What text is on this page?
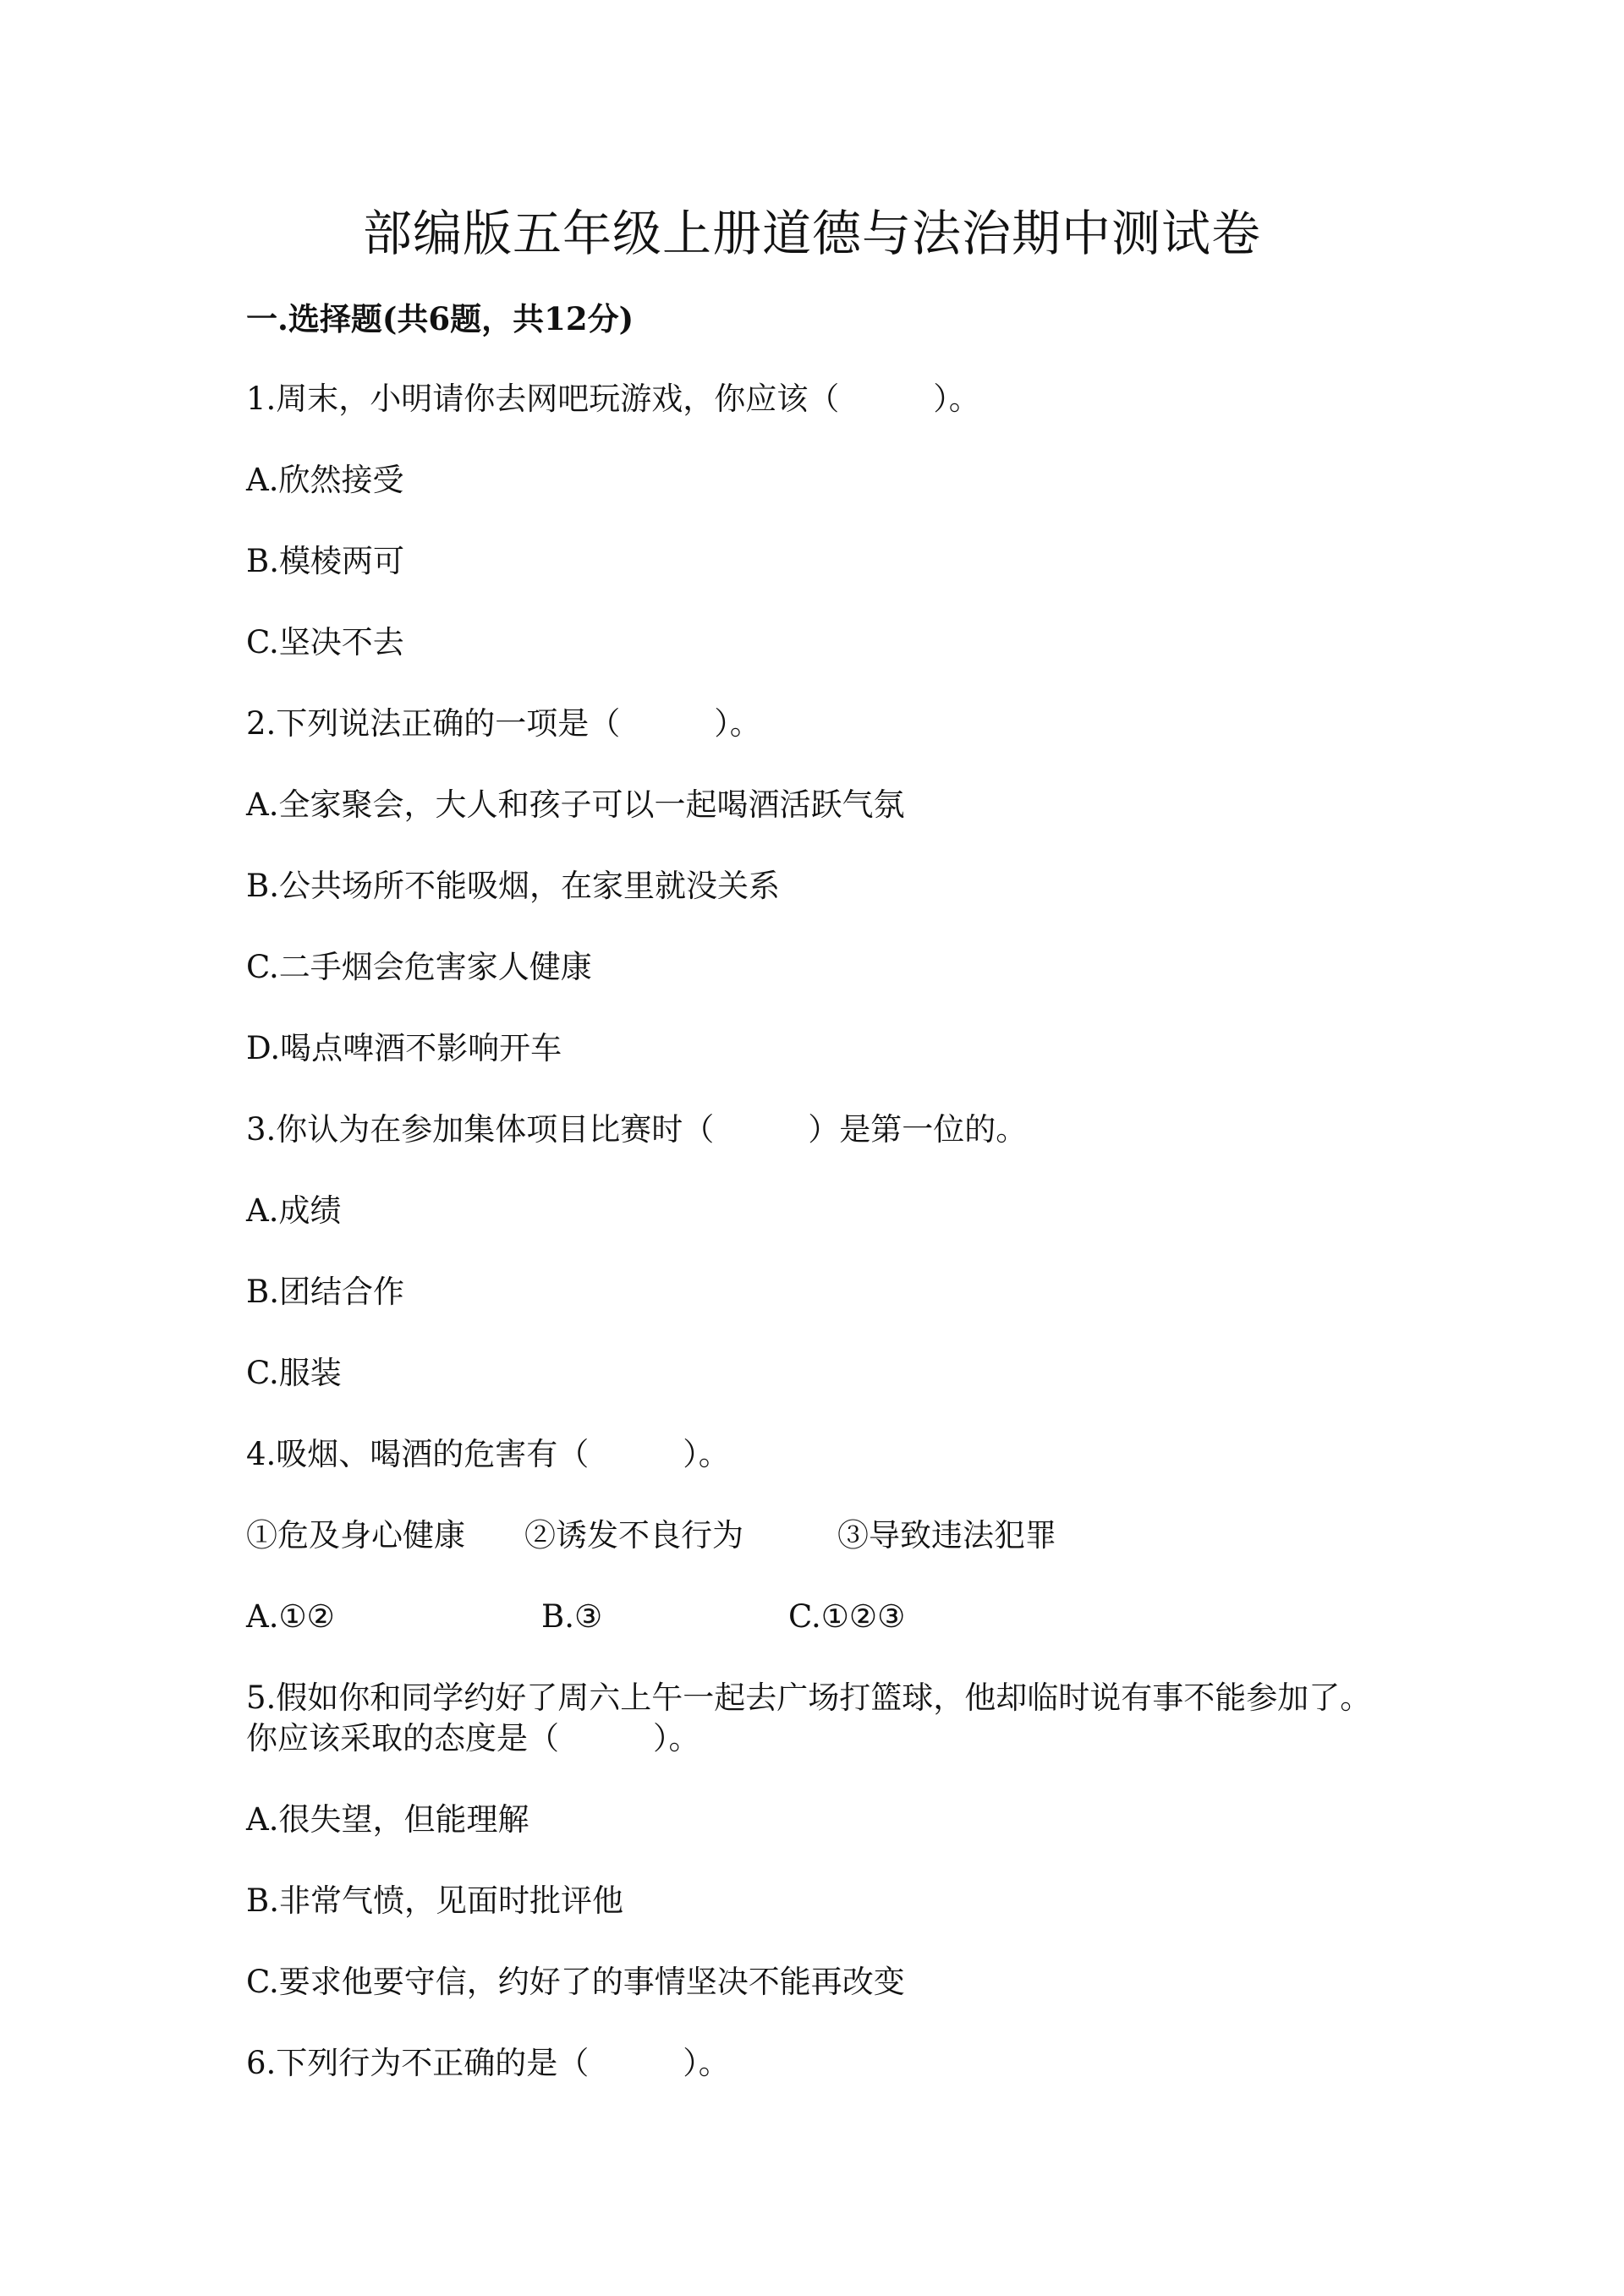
部编版五年级上册道德与法治期中测试卷
一.选择题(共6题，共12分)
1.周末，小明请你去网吧玩游戏，你应该（　　　）。
A.欣然接受
B.模棱两可
C.坚决不去
2.下列说法正确的一项是（　　　）。
A.全家聚会，大人和孩子可以一起喝酒活跃气氛
B.公共场所不能吸烟，在家里就没关系
C.二手烟会危害家人健康
D.喝点啤酒不影响开车
3.你认为在参加集体项目比赛时（　　　）是第一位的。
A.成绩
B.团结合作
C.服装
4.吸烟、喝酒的危害有（　　　）。
①危及身心健康 ②诱发不良行为	③导致违法犯罪
A.①②	B.③	C.①②③
5.假如你和同学约好了周六上午一起去广场打篮球，他却临时说有事不能参加了。你应该采取的态度是（　　　）。
A.很失望，但能理解
B.非常气愤，见面时批评他
C.要求他要守信，约好了的事情坚决不能再改变
6.下列行为不正确的是（　　　）。
